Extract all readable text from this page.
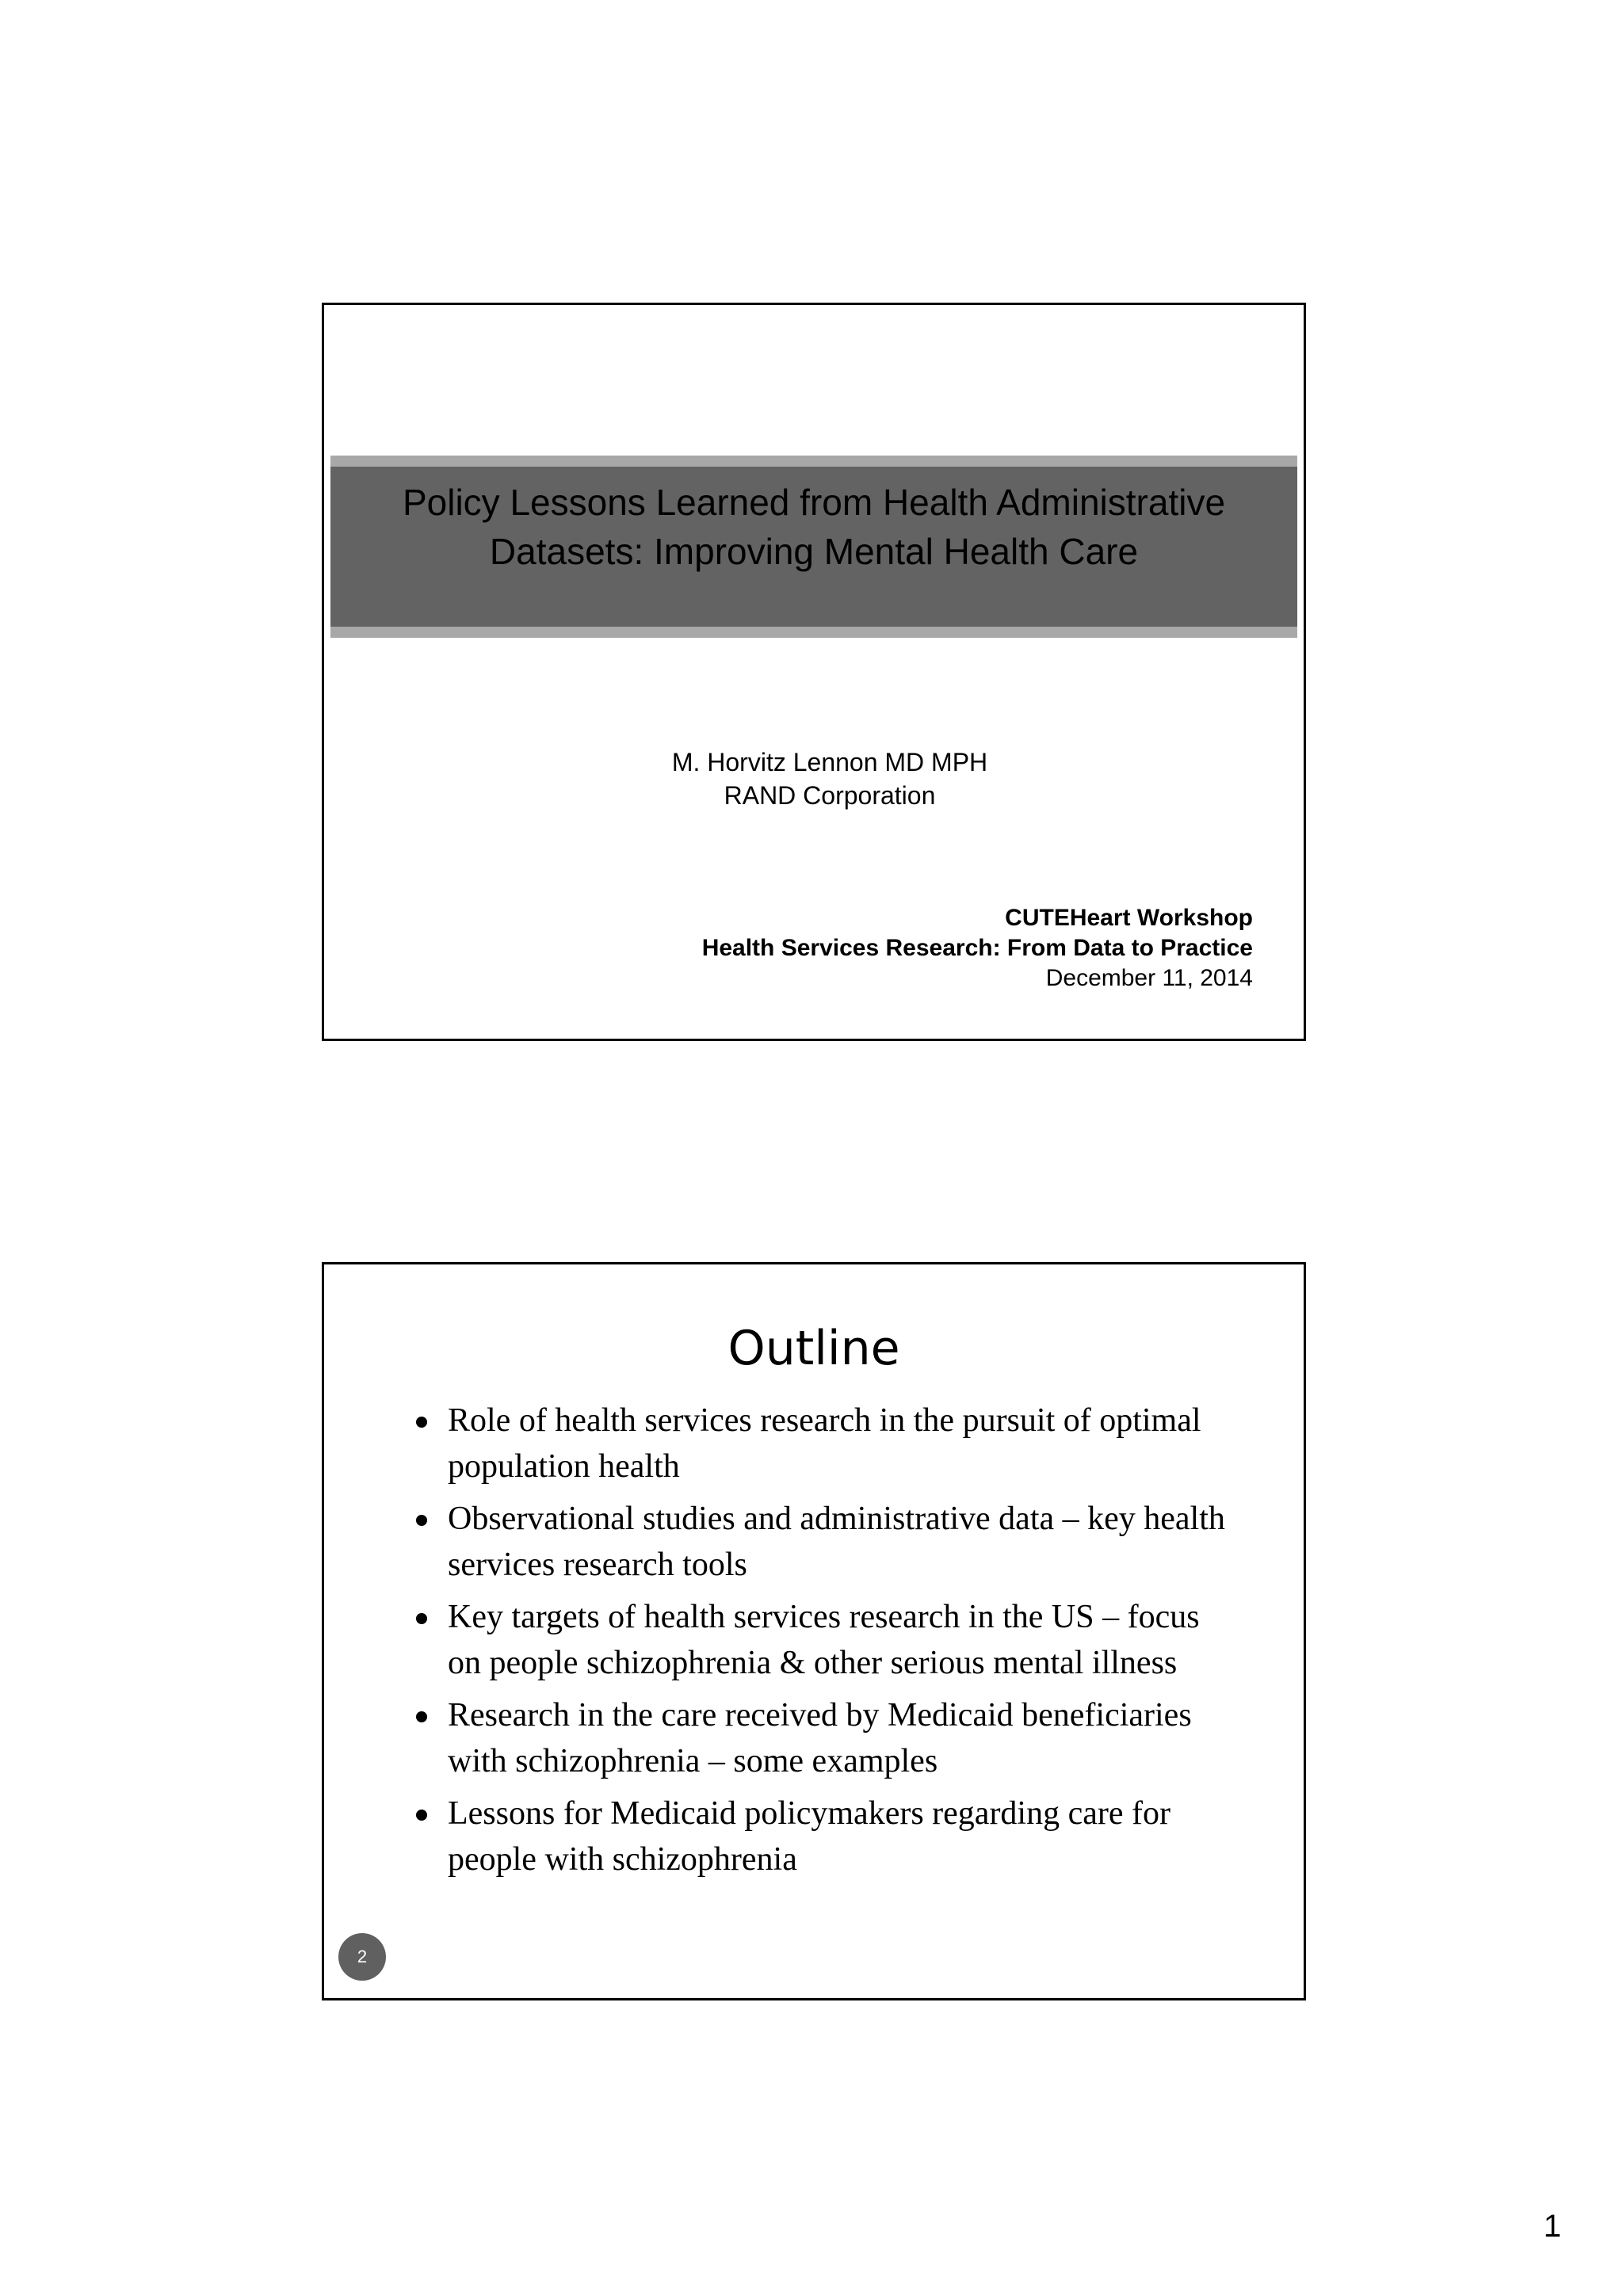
Policy Lessons Learned from Health Administrative
Datasets: Improving Mental Health Care
M. Horvitz Lennon MD MPH
RAND Corporation
CUTEHeart Workshop
Health Services Research: From Data to Practice
December 11, 2014
Outline
Role of health services research in the pursuit of optimal
population health
Observational studies and administrative data – key health
services research tools
Key targets of health services research in the US – focus
on people schizophrenia & other serious mental illness
Research in the care received by Medicaid beneficiaries
with schizophrenia – some examples
Lessons for Medicaid policymakers regarding care for
people with schizophrenia
2
1
